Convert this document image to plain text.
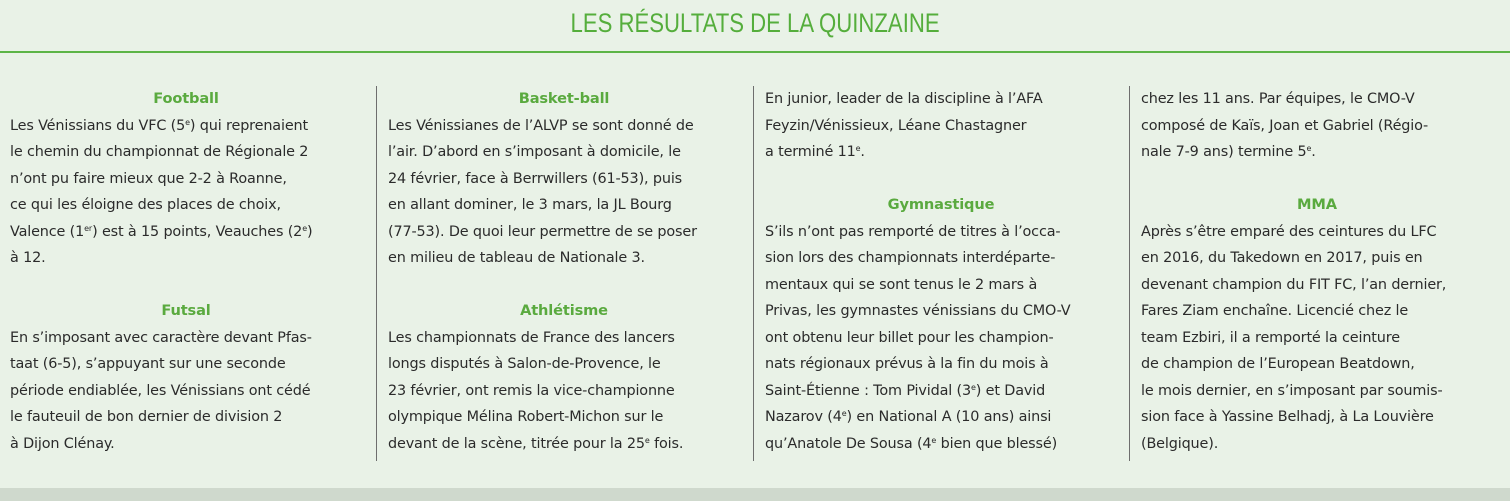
LES RÉSULTATS DE LA QUINZAINE
Football
Les Vénissians du VFC (5e) qui reprenaient
le chemin du championnat de Régionale 2
n’ont pu faire mieux que 2-2 à Roanne,
ce qui les éloigne des places de choix,
Valence (1er) est à 15 points, Veauches (2e)
à 12.
Futsal
En s’imposant avec caractère devant Pfas-
taat (6-5), s’appuyant sur une seconde
période endiablée, les Vénissians ont cédé
le fauteuil de bon dernier de division 2
à Dijon Clénay.
Basket-ball
Les Vénissianes de l’ALVP se sont donné de
l’air. D’abord en s’imposant à domicile, le
24 février, face à Berrwillers (61-53), puis
en allant dominer, le 3 mars, la JL Bourg
(77-53). De quoi leur permettre de se poser
en milieu de tableau de Nationale 3.
Athlétisme
Les championnats de France des lancers
longs disputés à Salon-de-Provence, le
23 février, ont remis la vice-championne
olympique Mélina Robert-Michon sur le
devant de la scène, titrée pour la 25e fois.
En junior, leader de la discipline à l’AFA
Feyzin/Vénissieux, Léane Chastagner
a terminé 11e.
Gymnastique
S’ils n’ont pas remporté de titres à l’occa-
sion lors des championnats interdéparte-
mentaux qui se sont tenus le 2 mars à
Privas, les gymnastes vénissians du CMO-V
ont obtenu leur billet pour les champion-
nats régionaux prévus à la fin du mois à
Saint-Étienne : Tom Pividal (3e) et David
Nazarov (4e) en National A (10 ans) ainsi
qu’Anatole De Sousa (4e bien que blessé)
chez les 11 ans. Par équipes, le CMO-V
composé de Kaïs, Joan et Gabriel (Régio-
nale 7-9 ans) termine 5e.
MMA
Après s’être emparé des ceintures du LFC
en 2016, du Takedown en 2017, puis en
devenant champion du FIT FC, l’an dernier,
Fares Ziam enchaîne. Licencié chez le
team Ezbiri, il a remporté la ceinture
de champion de l’European Beatdown,
le mois dernier, en s’imposant par soumis-
sion face à Yassine Belhadj, à La Louvière
(Belgique).
